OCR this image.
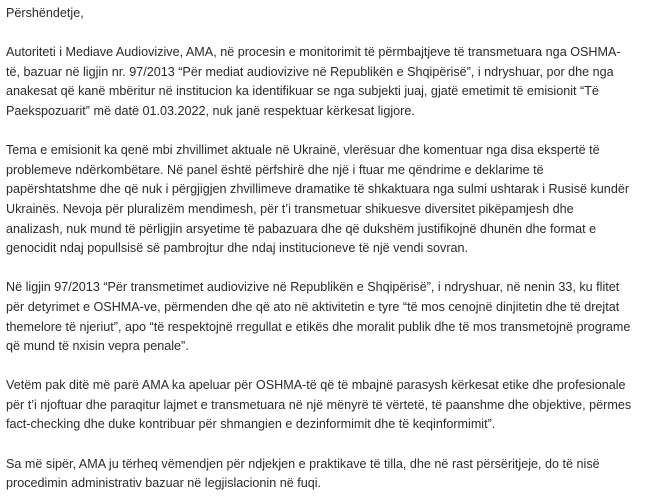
Përshëndetje,

Autoriteti i Mediave Audiovizive, AMA, në procesin e monitorimit të përmbajtjeve të transmetuara nga OSHMA-
të, bazuar në ligjin nr. 97/2013 “Për mediat audiovizive në Republikën e Shqipërisë”, i ndryshuar, por dhe nga
anakesat që kanë mbëritur në institucion ka identifikuar se nga subjekti juaj, gjatë emetimit të emisionit “Të
Paekspozuarit” më datë 01.03.2022, nuk janë respektuar kërkesat ligjore.

Tema e emisionit ka qenë mbi zhvillimet aktuale në Ukrainë, vlerësuar dhe komentuar nga disa ekspertë të
problemeve ndërkombëtare. Në panel është përfshirë dhe një i ftuar me qëndrime e deklarime të
papërshtatshme dhe që nuk i përgjigjen zhvillimeve dramatike të shkaktuara nga sulmi ushtarak i Rusisë kundër
Ukrainës. Nevoja për pluralizëm mendimesh, për t’i transmetuar shikuesve diversitet pikëpamjesh dhe
analizash, nuk mund të përligjin arsyetime të pabazuara dhe që dukshëm justifikojnë dhunën dhe format e
genocidit ndaj popullsisë së pambrojtur dhe ndaj institucioneve të një vendi sovran.

Në ligjin 97/2013 “Për transmetimet audiovizive në Republikën e Shqipërisë”, i ndryshuar, në nenin 33, ku flitet
për detyrimet e OSHMA-ve, përmenden dhe që ato në aktivitetin e tyre “të mos cenojnë dinjitetin dhe të drejtat
themelore të njeriut”, apo “të respektojnë rregullat e etikës dhe moralit publik dhe të mos transmetojnë programe
që mund të nxisin vepra penale”.

Vetëm pak ditë më parë AMA ka apeluar për OSHMA-të që të mbajnë parasysh kërkesat etike dhe profesionale
për t’i njoftuar dhe paraqitur lajmet e transmetuara në një mënyrë të vërtetë, të paanshme dhe objektive, përmes
fact-checking dhe duke kontribuar për shmangien e dezinformimit dhe të keqinformimit”.

Sa më sipër, AMA ju tërheq vëmendjen për ndjekjen e praktikave të tilla, dhe në rast përsëritjeje, do të nisë
procedimin administrativ bazuar në legjislacionin në fuqi.
